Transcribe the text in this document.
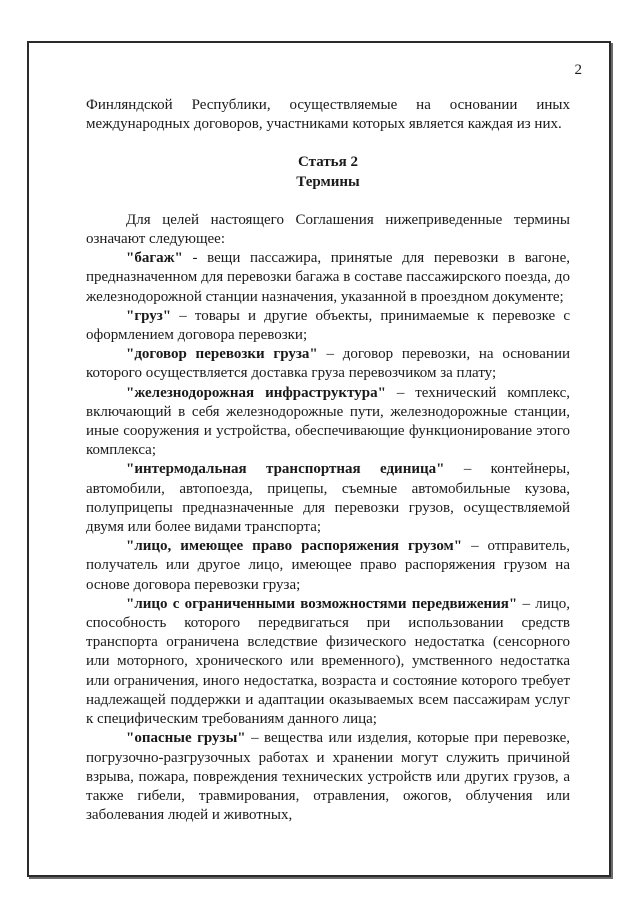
2

Финляндской Республики, осуществляемые на основании иных международных договоров, участниками которых является каждая из них.

Статья 2

Термины

Для целей настоящего Соглашения нижеприведенные термины означают следующее:

"багаж" - вещи пассажира, принятые для перевозки в вагоне, предназначенном для перевозки багажа в составе пассажирского поезда, до железнодорожной станции назначения, указанной в проездном документе;

"груз" – товары и другие объекты, принимаемые к перевозке с оформлением договора перевозки;

"договор перевозки груза" – договор перевозки, на основании которого осуществляется доставка груза перевозчиком за плату;

"железнодорожная инфраструктура" – технический комплекс, включающий в себя железнодорожные пути, железнодорожные станции, иные сооружения и устройства, обеспечивающие функционирование этого комплекса;

"интермодальная транспортная единица" – контейнеры, автомобили, автопоезда, прицепы, съемные автомобильные кузова, полуприцепы предназначенные для перевозки грузов, осуществляемой двумя или более видами транспорта;

"лицо, имеющее право распоряжения грузом" – отправитель, получатель или другое лицо, имеющее право распоряжения грузом на основе договора перевозки груза;

"лицо с ограниченными возможностями передвижения" – лицо, способность которого передвигаться при использовании средств транспорта ограничена вследствие физического недостатка (сенсорного или моторного, хронического или временного), умственного недостатка или ограничения, иного недостатка, возраста и состояние которого требует надлежащей поддержки и адаптации оказываемых всем пассажирам услуг к специфическим требованиям данного лица;

"опасные грузы" – вещества или изделия, которые при перевозке, погрузочно-разгрузочных работах и хранении могут служить причиной взрыва, пожара, повреждения технических устройств или других грузов, а также гибели, травмирования, отравления, ожогов, облучения или заболевания людей и животных,
